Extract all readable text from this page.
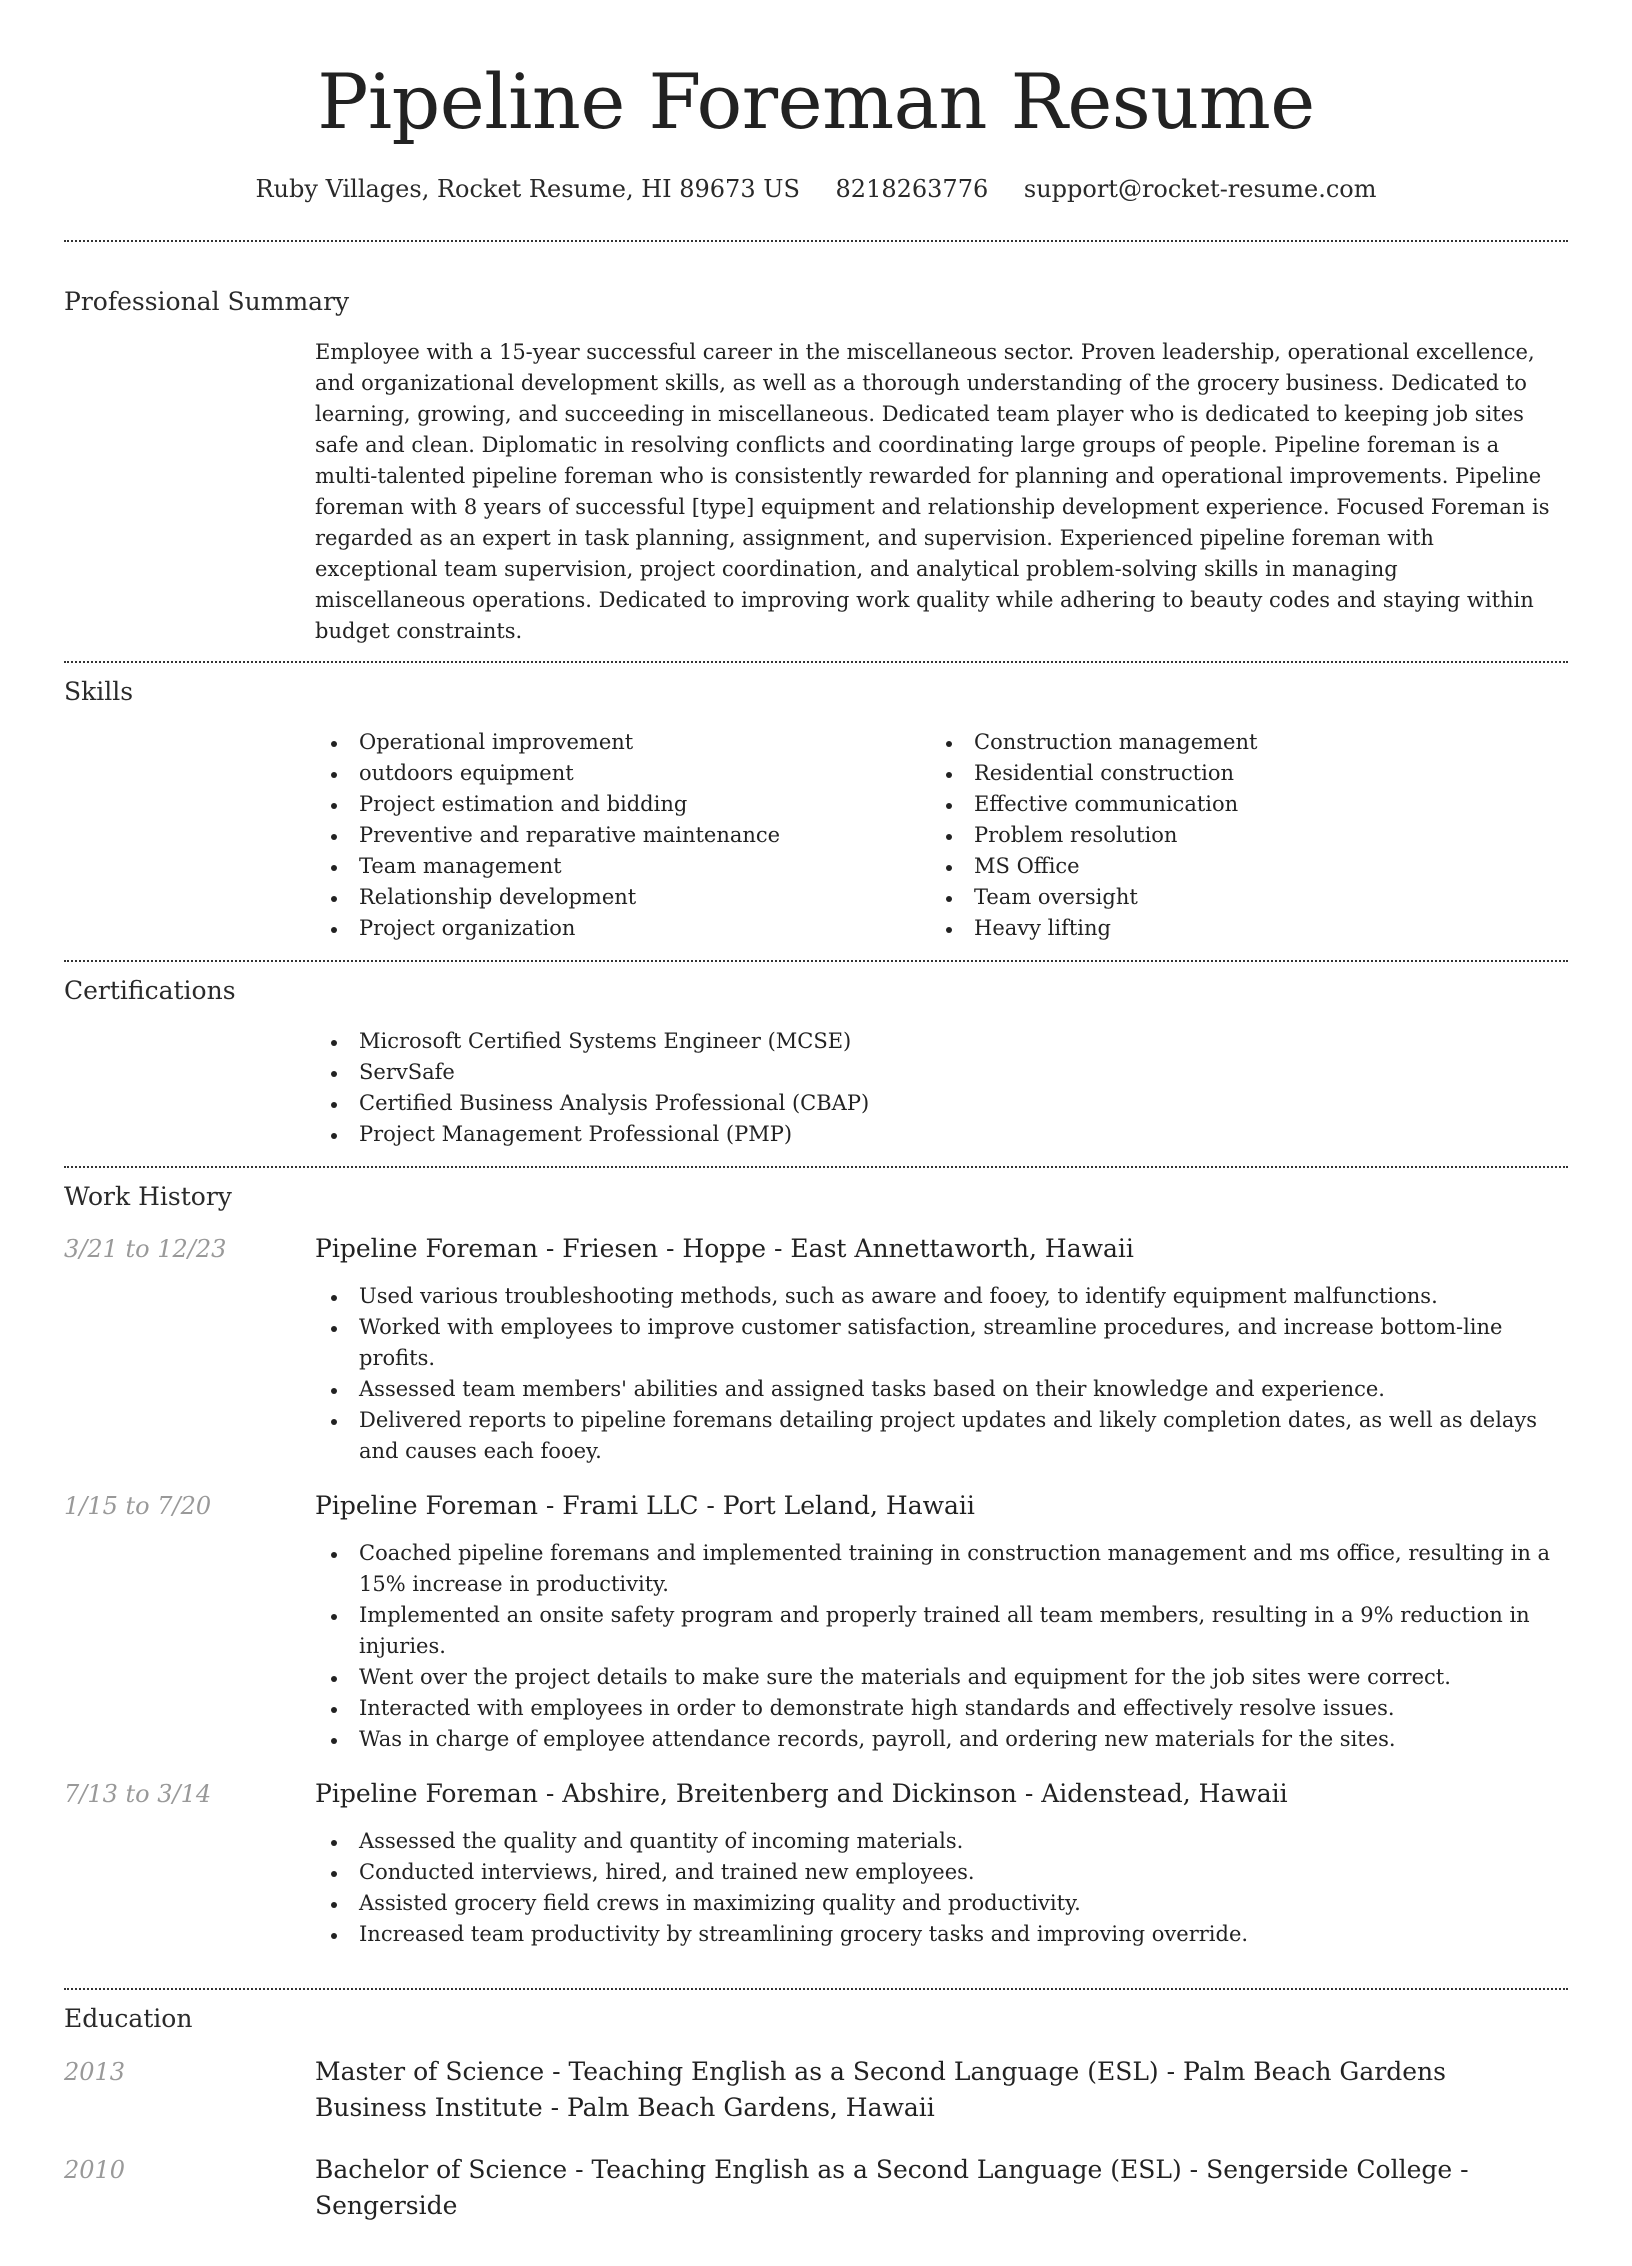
Pipeline Foreman Resume
Ruby Villages, Rocket Resume, HI 89673 US 8218263776 support@rocket-resume.com
Professional Summary

Employee with a 15-year successful career in the miscellaneous sector. Proven leadership, operational excellence, and organizational development skills, as well as a thorough understanding of the grocery business. Dedicated to learning, growing, and succeeding in miscellaneous. Dedicated team player who is dedicated to keeping job sites safe and clean. Diplomatic in resolving conflicts and coordinating large groups of people. Pipeline foreman is a multi-talented pipeline foreman who is consistently rewarded for planning and operational improvements. Pipeline foreman with 8 years of successful [type] equipment and relationship development experience. Focused Foreman is regarded as an expert in task planning, assignment, and supervision. Experienced pipeline foreman with exceptional team supervision, project coordination, and analytical problem-solving skills in managing miscellaneous operations. Dedicated to improving work quality while adhering to beauty codes and staying within budget constraints.

Skills
Operational improvement
outdoors equipment
Project estimation and bidding
Preventive and reparative maintenance
Team management
Relationship development
Project organization
Construction management
Residential construction
Effective communication
Problem resolution
MS Office
Team oversight
Heavy lifting
Certifications
Microsoft Certified Systems Engineer (MCSE)
ServSafe
Certified Business Analysis Professional (CBAP)
Project Management Professional (PMP)
Work History
3/21 to 12/23	Pipeline Foreman - Friesen - Hoppe - East Annettaworth, Hawaii
Used various troubleshooting methods, such as aware and fooey, to identify equipment malfunctions.
Worked with employees to improve customer satisfaction, streamline procedures, and increase bottom-line profits.
Assessed team members' abilities and assigned tasks based on their knowledge and experience.
Delivered reports to pipeline foremans detailing project updates and likely completion dates, as well as delays and causes each fooey.
1/15 to 7/20	Pipeline Foreman - Frami LLC - Port Leland, Hawaii
Coached pipeline foremans and implemented training in construction management and ms office, resulting in a 15% increase in productivity.
Implemented an onsite safety program and properly trained all team members, resulting in a 9% reduction in injuries.
Went over the project details to make sure the materials and equipment for the job sites were correct.
Interacted with employees in order to demonstrate high standards and effectively resolve issues.
Was in charge of employee attendance records, payroll, and ordering new materials for the sites.
7/13 to 3/14	Pipeline Foreman - Abshire, Breitenberg and Dickinson - Aidenstead, Hawaii
Assessed the quality and quantity of incoming materials.
Conducted interviews, hired, and trained new employees.
Assisted grocery field crews in maximizing quality and productivity.
Increased team productivity by streamlining grocery tasks and improving override.
Education
2013	Master of Science - Teaching English as a Second Language (ESL) - Palm Beach Gardens Business Institute - Palm Beach Gardens, Hawaii
2010	Bachelor of Science - Teaching English as a Second Language (ESL) - Sengerside College - Sengerside
